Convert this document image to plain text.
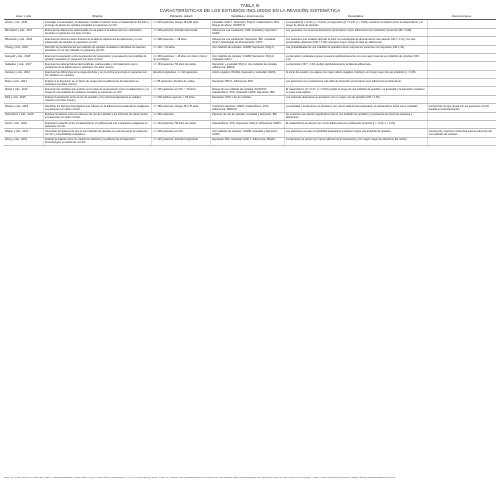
TABLA III
CARACTERÍSTICAS DE LOS ESTUDIOS INCLUIDOS EN LA REVISIÓN SISTEMÁTICA
Autor y año	Objetivo	Población (edad)	Variables e instrumentos	Resultados	Intervenciones
Arteta y cols., 2016	Investigar si la ansiedad y la depresión median la relación entre el catastrofismo del dolor y el riesgo de abuso de opioides recetados en pacientes con DC.	n = 215 pacientes. Rango 18 a 80 años.	Ansiedad: GAD-7. Depresión: PHQ-9. Catastrofismo: PCS. Riesgo de abuso: SOAPP-R.	La ansiedad (β = 0,314, p < 0,001) y la depresión (β = 0,247, p < 0,001) mediaron la relación entre el catastrofismo y el riesgo de abuso de opioides.	
Bernardes y cols., 2017	Examinar las diferencias relacionadas con la edad en la adherencia a la medicación prescrita en pacientes con dolor crónico.	n = 309 pacientes. Estudio transversal.	Adherencia a la medicación: MAT. Ansiedad y depresión: HADS.	Los pacientes con síntomas depresivos presentaron menor adherencia a la medicación prescrita (OR = 0,89).	
Bhowmick y cols., 2016	Examinar los factores determinantes de la falta de adherencia al tratamiento y el uso inadecuado de opioides en pacientes con DC.	n = 298 pacientes. > 18 años.	Adherencia a la medicación. Depresión: BDI. Ansiedad: GAD-7. Estrategias de afrontamiento: CPCI.	Los pacientes que evitaban afrontar el dolor con estrategias de afrontamiento más pasivas (OR = 1,14) y los que presentaban depresión (OR = 1,05) mostraron mayor riesgo de falta de adherencia.	
Chang y cols., 2016	Describir la prevalencia del uso indebido de opioides recetados e identificar los factores asociados con el uso indebido en pacientes con DC.	n = 130. > 60 años.	Uso indebido de opioides: COMM. Depresión: PHQ-9.	Las probabilidades de uso indebido de opioides fueron mayores en pacientes con depresión (OR 1,42).	
Feingold y cols., 2018	Examinar la asociación entre la gravedad de la depresión y las tasas de uso indebido de opioides recetados en pacientes con dolor crónico.	n = 290 pacientes. > 18 años con dolor crónico no oncológico.	Uso indebido de opioides: COMM. Depresión: PHQ-9. Ansiedad: GAD-7.	La depresión moderada a grave se asoció significativamente con una mayor tasa de uso indebido de opioides (OR = 2,3).	
Gallagher y cols., 2017	Examinar las características demográficas, psicosociales y del tratamiento como predictores de la adherencia en pacientes con dolor crónico.	n = 163 pacientes. 50 años de media.	Depresión y ansiedad: PHQ-4. Uso indebido de opioides. Adherencia: MMAS.	La depresión (OR = 1,34) predijo significativamente la falta de adherencia.	
Jamison y cols., 2016	Examinar las diferencias en la carga del dolor y en el control emocional en pacientes con DC tratados con opioides.	Estudio longitudinal. n = 110 pacientes.	Afecto negativo: PANAS. Depresión y ansiedad: HADS.	Al inicio del estudio, los sujetos con mayor afecto negativo mostraron un riesgo mayor de uso indebido (p < 0,05).	
Marte y cols., 2014	Evaluar si la depresión es un factor de riesgo para la adherencia al tratamiento en pacientes con dolor crónico.	n = 88 pacientes. 50 años de media.	Depresión: BDI-II. Adherencia: MAT.	Los pacientes con puntuaciones más altas de depresión presentaron peor adherencia al tratamiento.	
Martel y cols., 2013	Examinar las variables que podrían ser la base de la asociación entre el catastrofismo y el riesgo de uso indebido de opioides recetados en pacientes con DC.	n = 115 pacientes con DC. > 18 años.	Riesgo de uso indebido de opioides: SOAPP-R. Catastrofismo: PCS. Ansiedad: HADS. Depresión: BDI.	El catastrofismo (β = 0,37, p < 0,001) predijo el riesgo de uso indebido de opioides. La ansiedad y la depresión mediaron en parte esta relación.	
Park y cols., 2015	Evaluar la asociación entre el uso de opioides y los síntomas depresivos en adultos mayores con dolor crónico.	n = 200 adultos mayores. > 65 años.	Depresión: GDS. Uso de opioides.	Los síntomas depresivos se asociaron con un mayor uso de opioides (OR = 1,52).	
Plazas y cols., 2019	Identificar los factores psicológicos que influyen en la adherencia al tratamiento analgésico en pacientes con dolor crónico.	n = 180 pacientes. Rango 18 a 75 años.	Trastornos afectivos: HADS. Catastrofismo: PCS. Adherencia: MMAS-8.	La ansiedad y la depresión se asociaron con menor adherencia terapéutica; el catastrofismo actuó como mediador.	Intervención de tipo grupal con los pacientes con DC basada en psicoeducación.
Rosenblum y cols., 2015	Explorar la relación entre los patrones de uso de opioides y los síntomas de salud mental en pacientes con dolor crónico.	n = 250 pacientes.	Patrones de uso de opioides. Ansiedad y depresión: BSI.	Se encontró una relación significativa entre el uso indebido de opioides y la presencia de síntomas ansiosos y depresivos.	
Smith y cols., 2020	Examinar la relación entre el catastrofismo y la adherencia a la medicación analgésica en pacientes con DC.	n = 140 pacientes. 58 años de media.	Catastrofismo: PCS. Depresión: PHQ-9. Adherencia: MARS.	El catastrofismo se asoció con menor adherencia a la medicación prescrita (r = -0,32, p < 0,01).	
Wasan y cols., 2017	Contrastar la hipótesis de que el uso indebido de opioides es más frecuente en pacientes con DC y comorbilidad psiquiátrica.	n = 228 pacientes con DC.	Uso indebido de opioides: COMM. Ansiedad y depresión: HADS.	Los pacientes con alta comorbilidad psiquiátrica mostraron mayor uso indebido de opioides.	Intervención cognitivo-conductual para la reducción del uso indebido de opioides.
Wong y cols., 2019	Analizar la relación entre los trastornos afectivos y la adherencia al tratamiento farmacológico en pacientes con DC.	n = 120 pacientes. Estudio longitudinal.	Depresión: BDI. Ansiedad: GAD-7. Adherencia: MMAS.	La depresión se asoció con menor adherencia al tratamiento y con mayor riesgo de abandono del mismo.	
Notas: DC: Dolor crónico. OR: odds ratio. GAD-7: Generalized Anxiety Disorder Scale. PHQ-9: Patient Health Questionnaire. PCS: Pain Catastrophizing Scale. SOAPP-R: Screener and Opioid Assessment for Patients with Pain-Revised. HADS: Hospital Anxiety and Depression Scale. BDI: Beck Depression Inventory. COMM: Current Opioid Misuse Measure. MMAS: Morisky Medication Adherence Scale.
